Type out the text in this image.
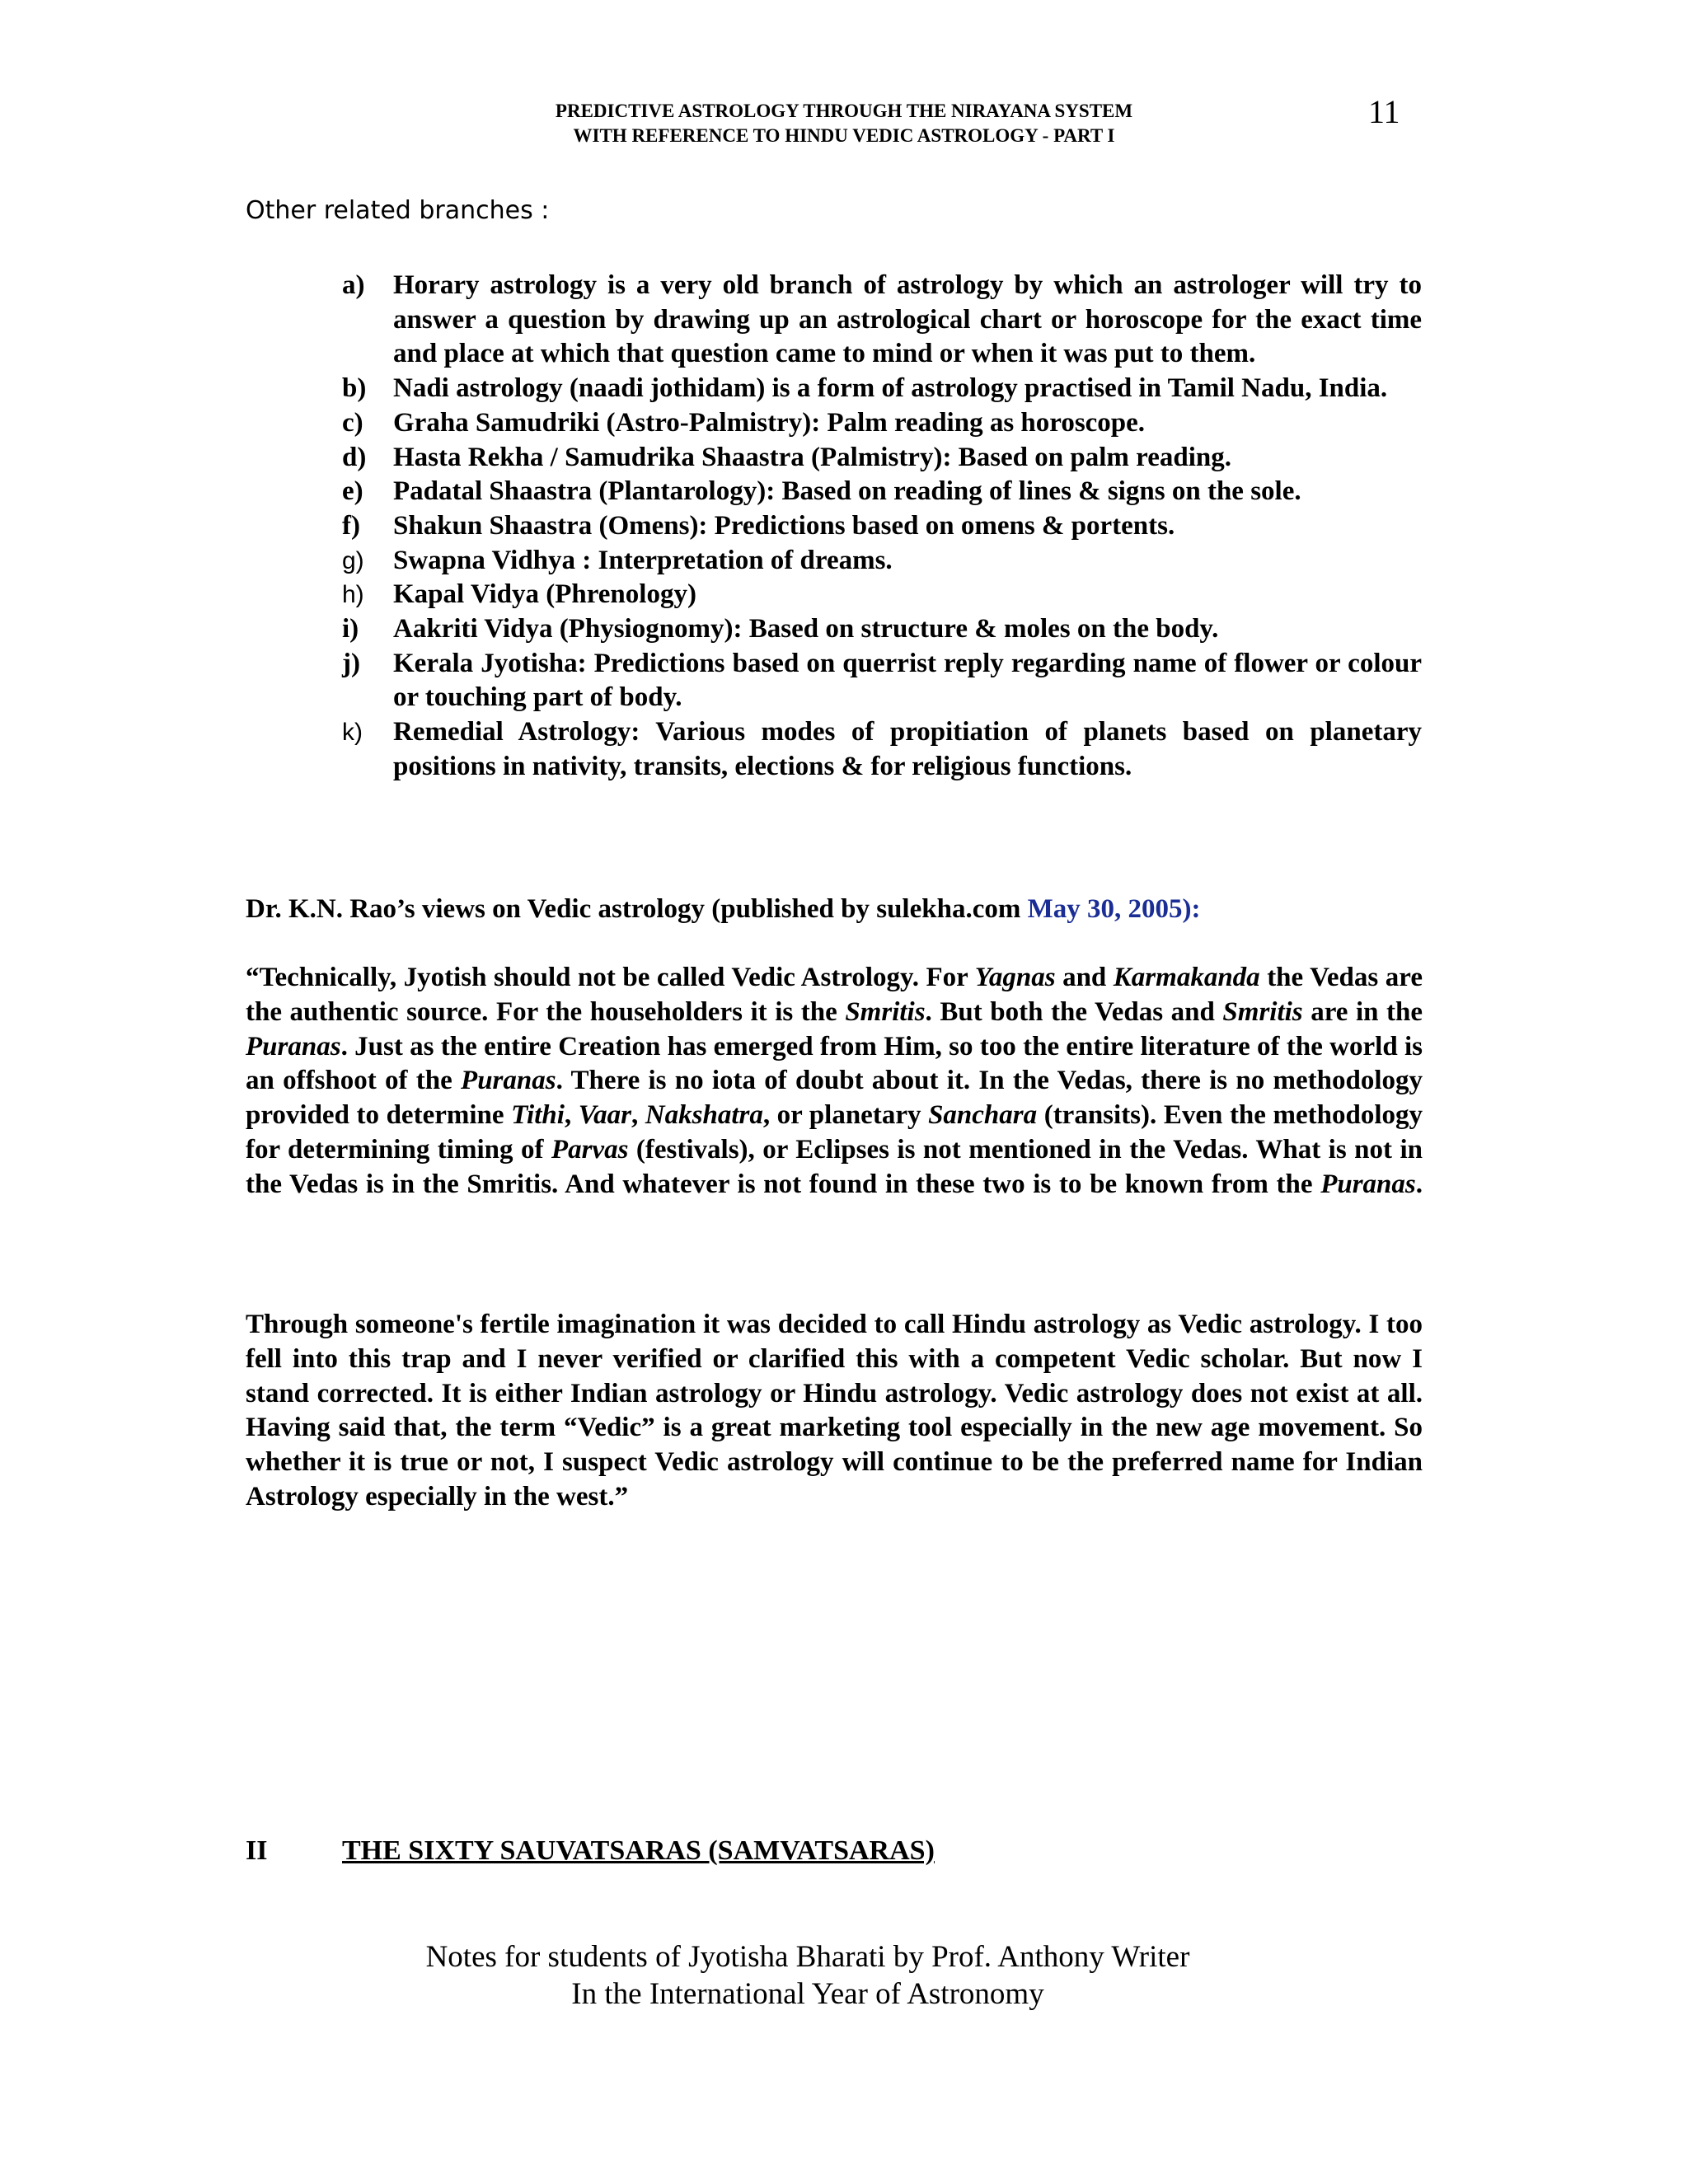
PREDICTIVE ASTROLOGY THROUGH THE NIRAYANA SYSTEM
WITH REFERENCE TO HINDU VEDIC ASTROLOGY - PART I
11
Other related branches :
a) Horary astrology is a very old branch of astrology by which an astrologer will try to answer a question by drawing up an astrological chart or horoscope for the exact time and place at which that question came to mind or when it was put to them.
b) Nadi astrology (naadi jothidam) is a form of astrology practised in Tamil Nadu, India.
c) Graha Samudriki (Astro-Palmistry): Palm reading as horoscope.
d) Hasta Rekha / Samudrika Shaastra (Palmistry): Based on palm reading.
e) Padatal Shaastra (Plantarology): Based on reading of lines & signs on the sole.
f) Shakun Shaastra (Omens): Predictions based on omens & portents.
g) Swapna Vidhya : Interpretation of dreams.
h) Kapal Vidya (Phrenology)
i) Aakriti Vidya (Physiognomy): Based on structure & moles on the body.
j) Kerala Jyotisha: Predictions based on querrist reply regarding name of flower or colour or touching part of body.
k) Remedial Astrology: Various modes of propitiation of planets based on planetary positions in nativity, transits, elections & for religious functions.
Dr. K.N. Rao’s views on Vedic astrology (published by sulekha.com May 30, 2005):

“Technically, Jyotish should not be called Vedic Astrology. For Yagnas and Karmakanda the Vedas are the authentic source. For the householders it is the Smritis. But both the Vedas and Smritis are in the Puranas. Just as the entire Creation has emerged from Him, so too the entire literature of the world is an offshoot of the Puranas. There is no iota of doubt about it. In the Vedas, there is no methodology provided to determine Tithi, Vaar, Nakshatra, or planetary Sanchara (transits). Even the methodology for determining timing of Parvas (festivals), or Eclipses is not mentioned in the Vedas. What is not in the Vedas is in the Smritis. And whatever is not found in these two is to be known from the Puranas.

Through someone's fertile imagination it was decided to call Hindu astrology as Vedic astrology. I too fell into this trap and I never verified or clarified this with a competent Vedic scholar. But now I stand corrected. It is either Indian astrology or Hindu astrology. Vedic astrology does not exist at all. Having said that, the term “Vedic” is a great marketing tool especially in the new age movement. So whether it is true or not, I suspect Vedic astrology will continue to be the preferred name for Indian Astrology especially in the west.”

II	THE SIXTY SAUVATSARAS (SAMVATSARAS)
Notes for students of Jyotisha Bharati by Prof. Anthony Writer
In the International Year of Astronomy
